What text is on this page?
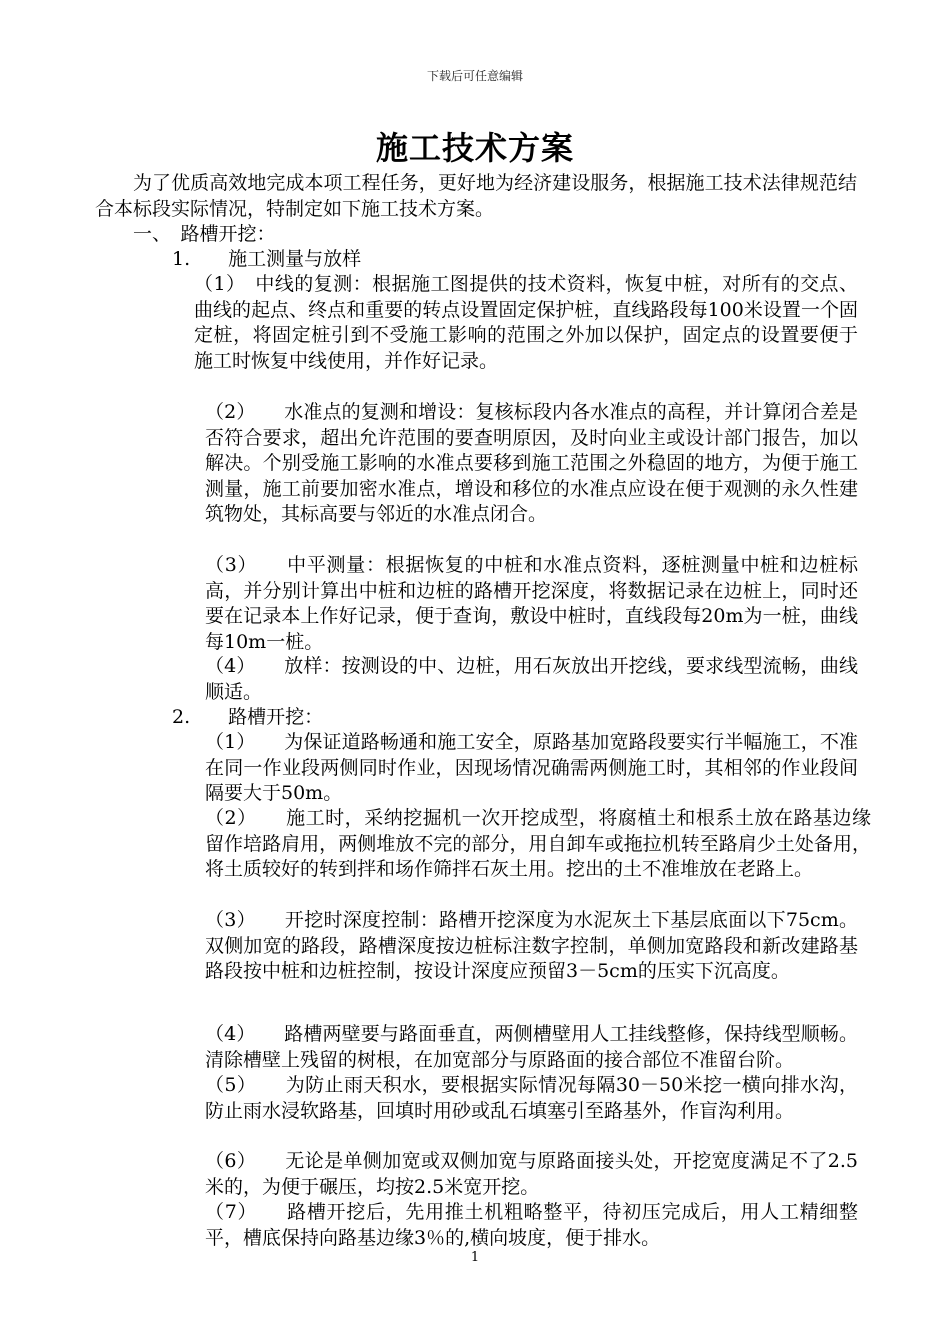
下载后可任意编辑
施工技术方案

为了优质高效地完成本项工程任务，更好地为经济建设服务，根据施工技术法律规范结合本标段实际情况，特制定如下施工技术方案。

一、　路槽开挖：

1.　　施工测量与放样

（1）　中线的复测：根据施工图提供的技术资料，恢复中桩，对所有的交点、曲线的起点、终点和重要的转点设置固定保护桩，直线路段每100米设置一个固定桩，将固定桩引到不受施工影响的范围之外加以保护，固定点的设置要便于施工时恢复中线使用，并作好记录。

（2）　　水准点的复测和增设：复核标段内各水准点的高程，并计算闭合差是否符合要求，超出允许范围的要查明原因，及时向业主或设计部门报告，加以解决。个别受施工影响的水准点要移到施工范围之外稳固的地方，为便于施工测量，施工前要加密水准点，增设和移位的水准点应设在便于观测的永久性建筑物处，其标高要与邻近的水准点闭合。

（3）　　中平测量：根据恢复的中桩和水准点资料，逐桩测量中桩和边桩标高，并分别计算出中桩和边桩的路槽开挖深度，将数据记录在边桩上，同时还要在记录本上作好记录，便于查询，敷设中桩时，直线段每20m为一桩，曲线每10m一桩。

（4）　　放样：按测设的中、边桩，用石灰放出开挖线，要求线型流畅，曲线顺适。

2.　　路槽开挖：

（1）　　为保证道路畅通和施工安全，原路基加宽路段要实行半幅施工，不准在同一作业段两侧同时作业，因现场情况确需两侧施工时，其相邻的作业段间隔要大于50m。

（2）　　施工时，采纳挖掘机一次开挖成型，将腐植土和根系土放在路基边缘留作培路肩用，两侧堆放不完的部分，用自卸车或拖拉机转至路肩少土处备用，将土质较好的转到拌和场作筛拌石灰土用。挖出的土不准堆放在老路上。

（3）　　开挖时深度控制：路槽开挖深度为水泥灰土下基层底面以下75cm。双侧加宽的路段，路槽深度按边桩标注数字控制，单侧加宽路段和新改建路基路段按中桩和边桩控制，按设计深度应预留3－5cm的压实下沉高度。

（4）　　路槽两壁要与路面垂直，两侧槽壁用人工挂线整修，保持线型顺畅。清除槽壁上残留的树根，在加宽部分与原路面的接合部位不准留台阶。

（5）　　为防止雨天积水，要根据实际情况每隔30－50米挖一横向排水沟，防止雨水浸软路基，回填时用砂或乱石填塞引至路基外，作盲沟利用。

（6）　　无论是单侧加宽或双侧加宽与原路面接头处，开挖宽度满足不了2.5米的，为便于碾压，均按2.5米宽开挖。

（7）　　路槽开挖后，先用推土机粗略整平，待初压完成后，用人工精细整平，槽底保持向路基边缘3％的,横向坡度，便于排水。

1
